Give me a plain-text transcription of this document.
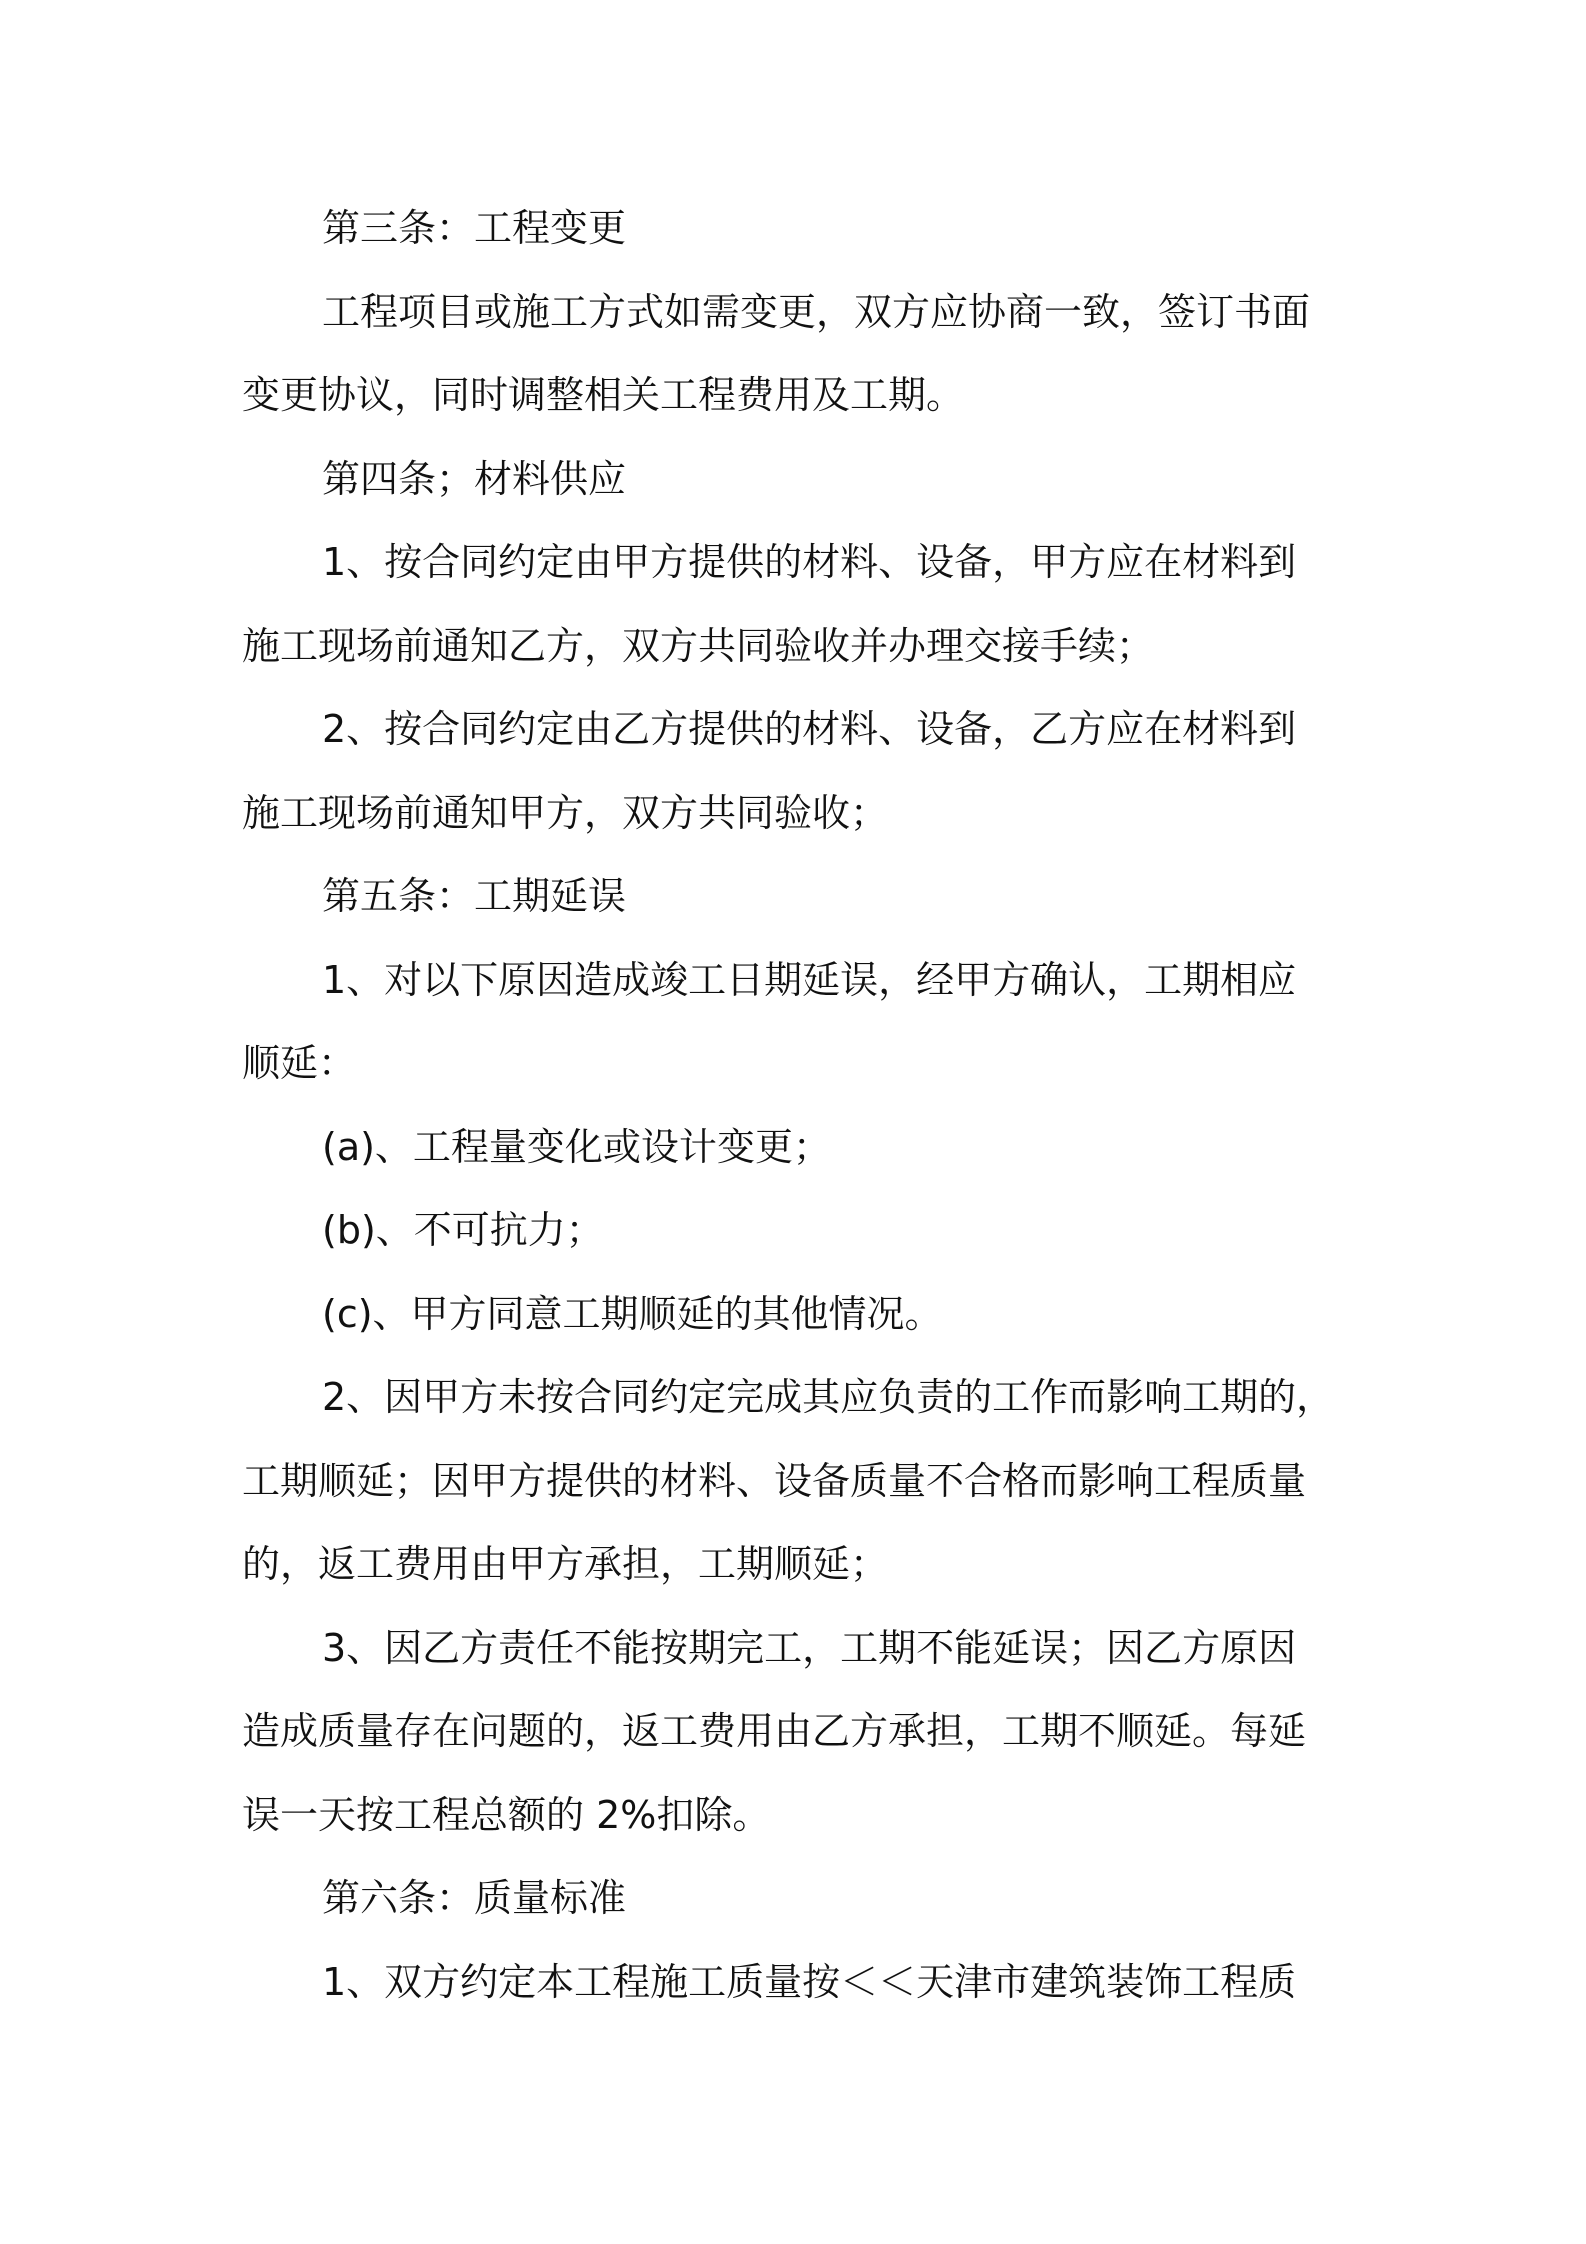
第三条：工程变更

工程项目或施工方式如需变更，双方应协商一致，签订书面

变更协议，同时调整相关工程费用及工期。

第四条；材料供应

1、按合同约定由甲方提供的材料、设备，甲方应在材料到

施工现场前通知乙方，双方共同验收并办理交接手续；

2、按合同约定由乙方提供的材料、设备，乙方应在材料到

施工现场前通知甲方，双方共同验收；

第五条：工期延误

1、对以下原因造成竣工日期延误，经甲方确认，工期相应

顺延：

(a)、工程量变化或设计变更；

(b)、不可抗力；

(c)、甲方同意工期顺延的其他情况。

2、因甲方未按合同约定完成其应负责的工作而影响工期的，

工期顺延；因甲方提供的材料、设备质量不合格而影响工程质量

的，返工费用由甲方承担，工期顺延；

3、因乙方责任不能按期完工，工期不能延误；因乙方原因

造成质量存在问题的，返工费用由乙方承担，工期不顺延。每延

误一天按工程总额的 2%扣除。

第六条：质量标准

1、双方约定本工程施工质量按＜＜天津市建筑装饰工程质
